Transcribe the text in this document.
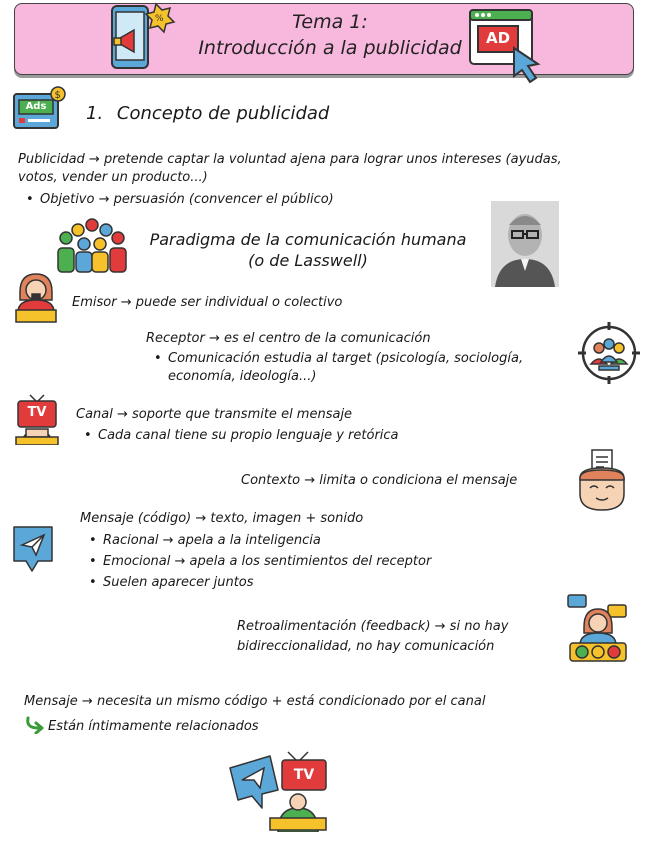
%	Tema 1:
Introducción a la publicidad	AD
$
Ads	1. Concepto de publicidad
Publicidad → pretende captar la voluntad ajena para lograr unos intereses (ayudas,
votos, vender un producto...)
• Objetivo → persuasión (convencer el público)
Paradigma de la comunicación humana
(o de Lasswell)
Emisor → puede ser individual o colectivo
Receptor → es el centro de la comunicación
• Comunicación estudia al target (psicología, sociología,
economía, ideología...)
TV	Canal → soporte que transmite el mensaje
• Cada canal tiene su propio lenguaje y retórica
Contexto → limita o condiciona el mensaje
Mensaje (código) → texto, imagen + sonido
• Racional → apela a la inteligencia
• Emocional → apela a los sentimientos del receptor
• Suelen aparecer juntos
Retroalimentación (feedback) → si no hay
bidireccionalidad, no hay comunicación
Mensaje → necesita un mismo código + está condicionado por el canal
Están íntimamente relacionados
TV
